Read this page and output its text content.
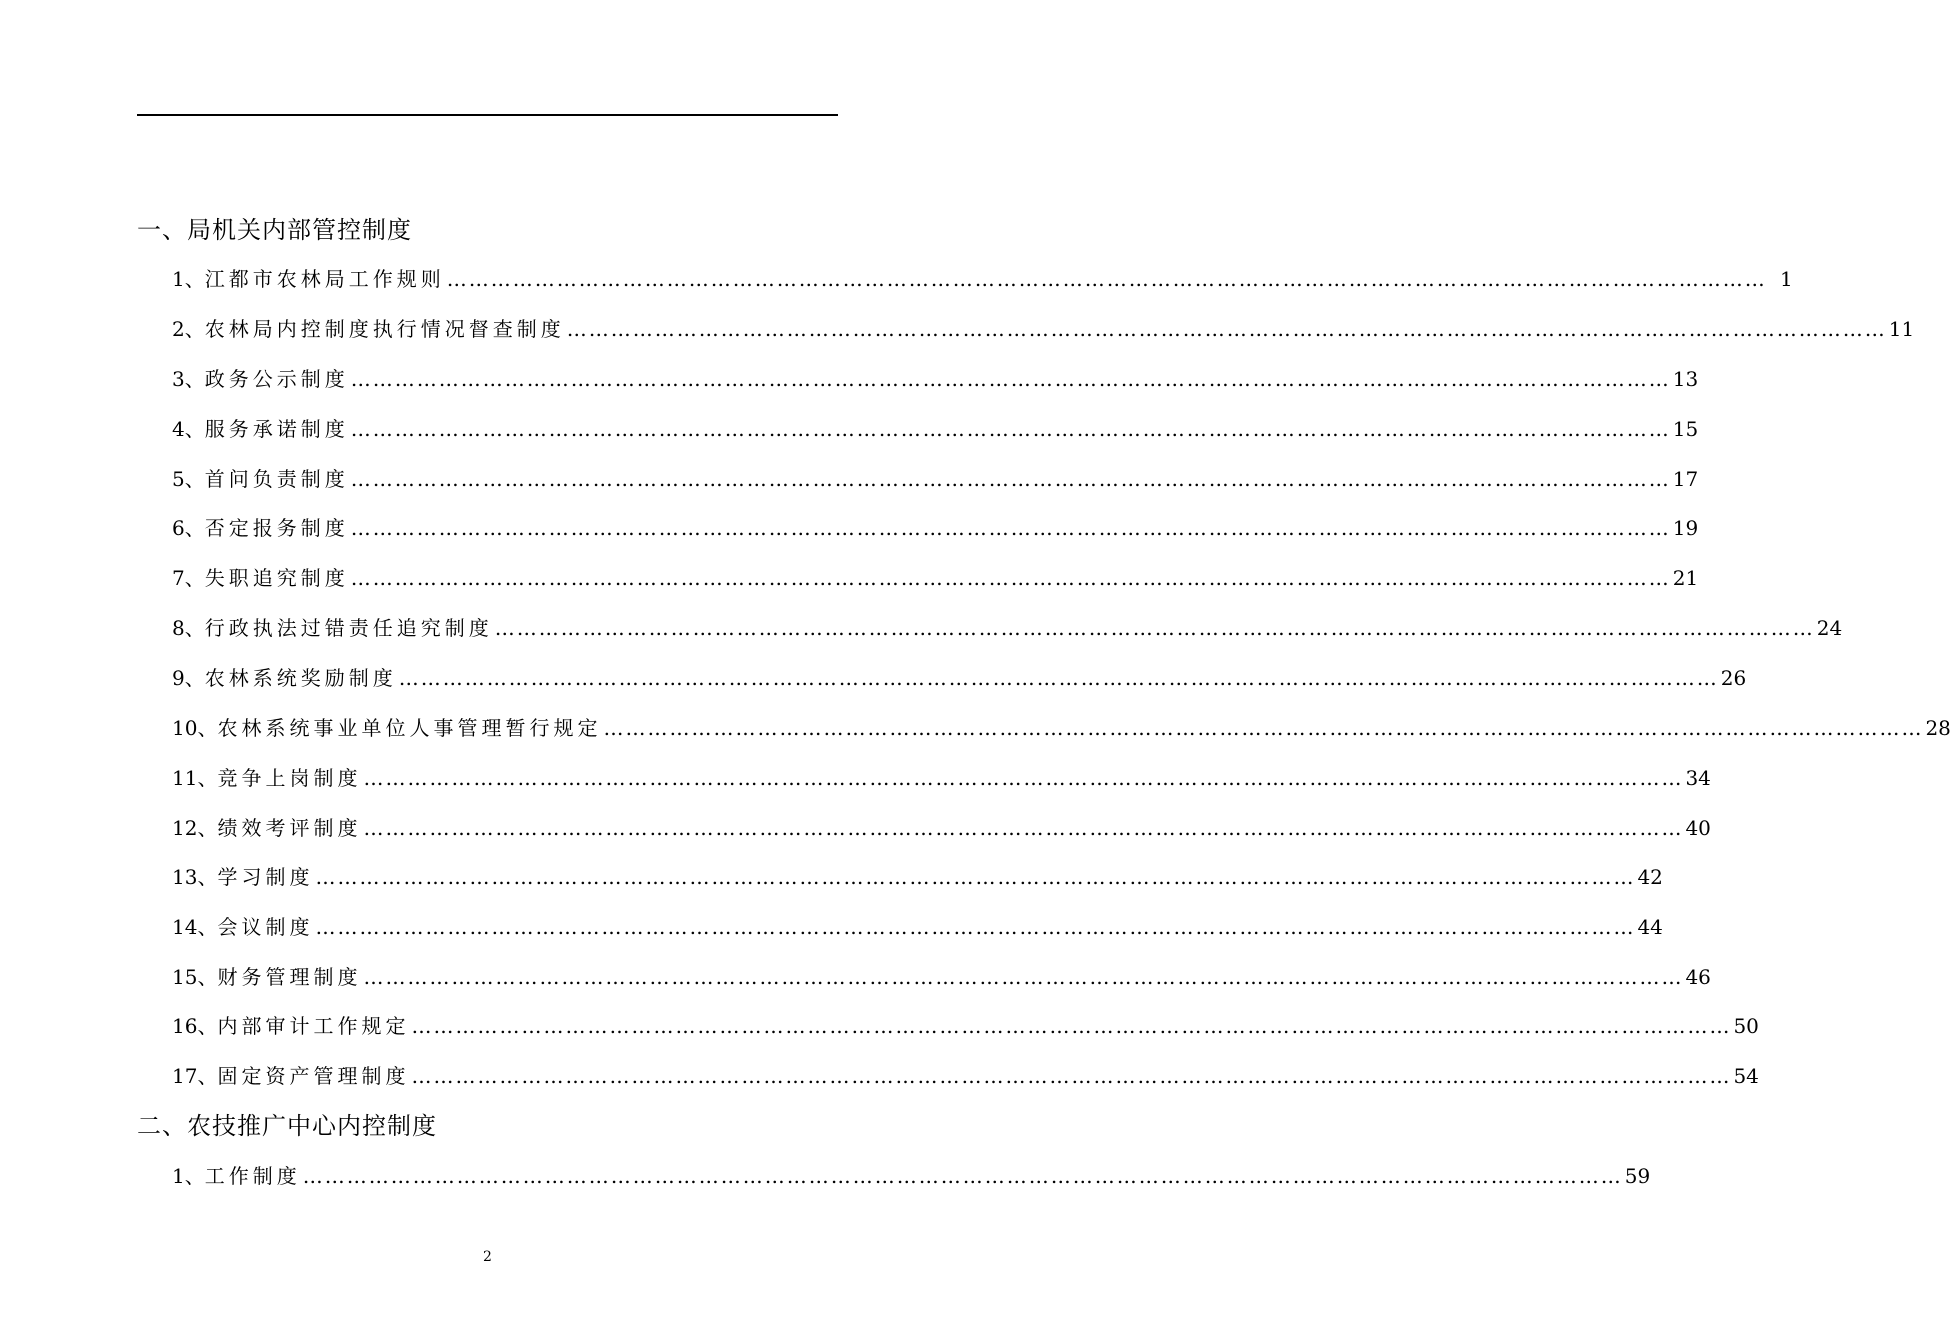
一、局机关内部管控制度
1、 江都市农林局工作规则 ……………………………………………………………………………………………………………………………………………………………… 1
2、 农林局内控制度执行情况督查制度 ……………………………………………………………………………………………………………………………………………………………… 11
3、 政务公示制度 ……………………………………………………………………………………………………………………………………………………………… 13
4、 服务承诺制度 ……………………………………………………………………………………………………………………………………………………………… 15
5、 首问负责制度 ……………………………………………………………………………………………………………………………………………………………… 17
6、 否定报务制度 ……………………………………………………………………………………………………………………………………………………………… 19
7、 失职追究制度 ……………………………………………………………………………………………………………………………………………………………… 21
8、 行政执法过错责任追究制度 ……………………………………………………………………………………………………………………………………………………………… 24
9、 农林系统奖励制度 ……………………………………………………………………………………………………………………………………………………………… 26
10、 农林系统事业单位人事管理暂行规定 ……………………………………………………………………………………………………………………………………………………………… 28
11、 竞争上岗制度 ……………………………………………………………………………………………………………………………………………………………… 34
12、 绩效考评制度 ……………………………………………………………………………………………………………………………………………………………… 40
13、 学习制度 ……………………………………………………………………………………………………………………………………………………………… 42
14、 会议制度 ……………………………………………………………………………………………………………………………………………………………… 44
15、 财务管理制度 ……………………………………………………………………………………………………………………………………………………………… 46
16、 内部审计工作规定 ……………………………………………………………………………………………………………………………………………………………… 50
17、 固定资产管理制度 ……………………………………………………………………………………………………………………………………………………………… 54
二、农技推广中心内控制度
1、 工作制度 ……………………………………………………………………………………………………………………………………………………………… 59
2
